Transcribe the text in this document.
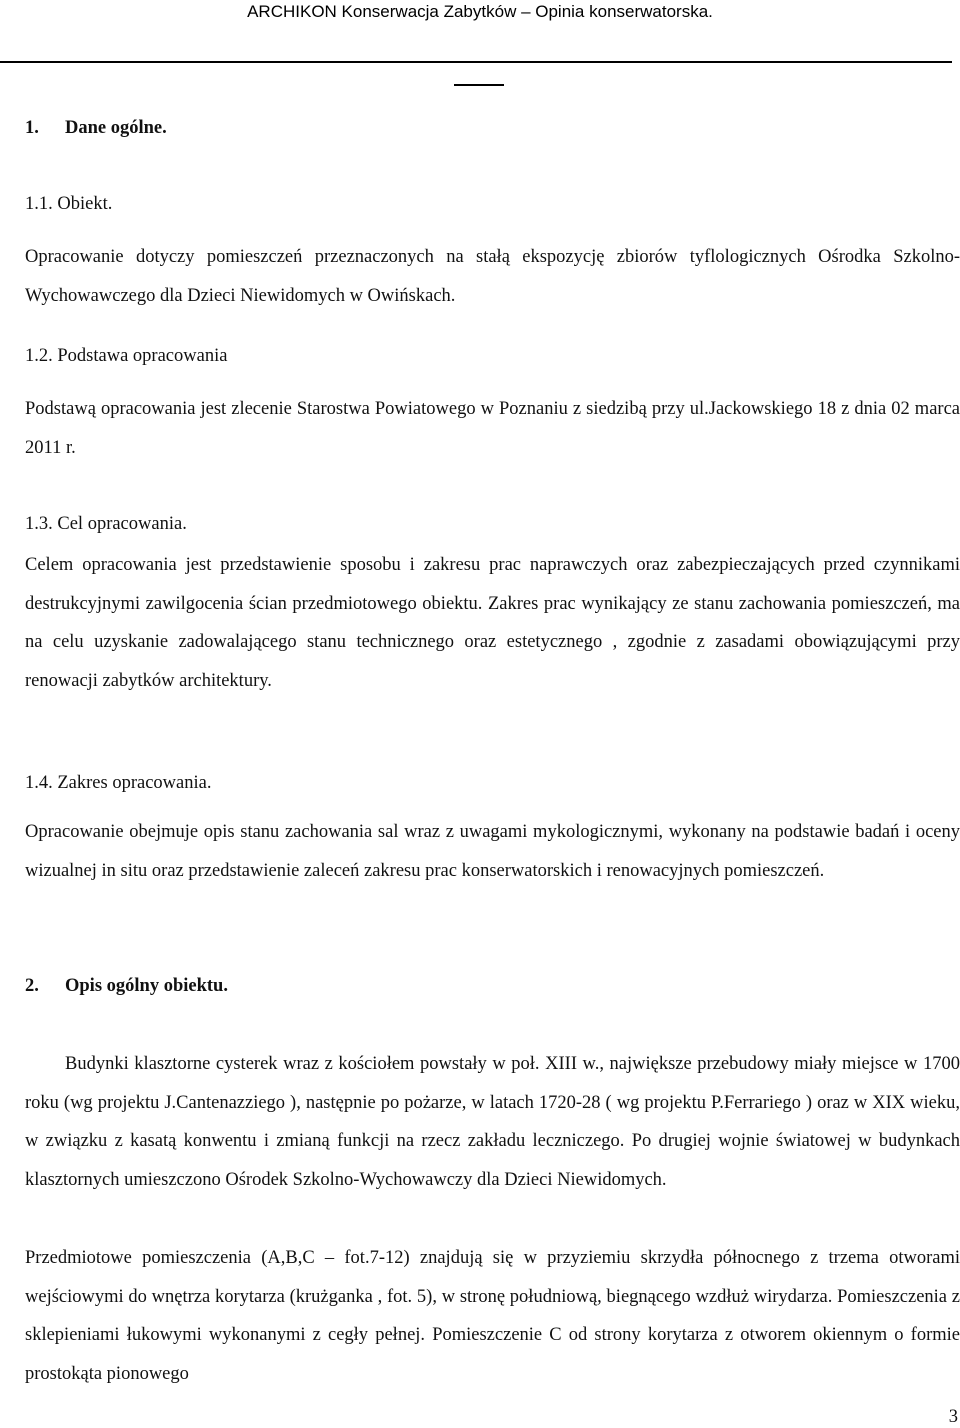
ARCHIKON Konserwacja Zabytków – Opinia konserwatorska.
1. Dane ogólne.
1.1. Obiekt.

Opracowanie dotyczy pomieszczeń przeznaczonych na stałą ekspozycję zbiorów tyflologicznych Ośrodka Szkolno-Wychowawczego dla Dzieci Niewidomych w Owińskach.

1.2. Podstawa opracowania

Podstawą opracowania jest zlecenie Starostwa Powiatowego w Poznaniu z siedzibą przy ul.Jackowskiego 18 z dnia 02 marca 2011 r.

1.3. Cel opracowania.

Celem opracowania jest przedstawienie sposobu i zakresu prac naprawczych oraz zabezpieczających przed czynnikami destrukcyjnymi zawilgocenia ścian przedmiotowego obiektu. Zakres prac wynikający ze stanu zachowania pomieszczeń, ma na celu uzyskanie zadowalającego stanu technicznego oraz estetycznego , zgodnie z zasadami obowiązującymi przy renowacji zabytków architektury.

1.4. Zakres opracowania.

Opracowanie obejmuje opis stanu zachowania sal wraz z uwagami mykologicznymi, wykonany na podstawie badań i oceny wizualnej in situ oraz przedstawienie zaleceń zakresu prac konserwatorskich i renowacyjnych pomieszczeń.

2. Opis ogólny obiektu.

Budynki klasztorne cysterek wraz z kościołem powstały w poł. XIII w., największe przebudowy miały miejsce w 1700 roku (wg projektu J.Cantenazziego ), następnie po pożarze, w latach 1720-28 ( wg projektu P.Ferrariego ) oraz w XIX wieku, w związku z kasatą konwentu i zmianą funkcji na rzecz zakładu leczniczego. Po drugiej wojnie światowej w budynkach klasztornych umieszczono Ośrodek Szkolno-Wychowawczy dla Dzieci Niewidomych.

Przedmiotowe pomieszczenia (A,B,C – fot.7-12) znajdują się w przyziemiu skrzydła północnego z trzema otworami wejściowymi do wnętrza korytarza (krużganka , fot. 5), w stronę południową, biegnącego wzdłuż wirydarza. Pomieszczenia z sklepieniami łukowymi wykonanymi z cegły pełnej. Pomieszczenie C od strony korytarza z otworem okiennym o formie prostokąta pionowego

3
